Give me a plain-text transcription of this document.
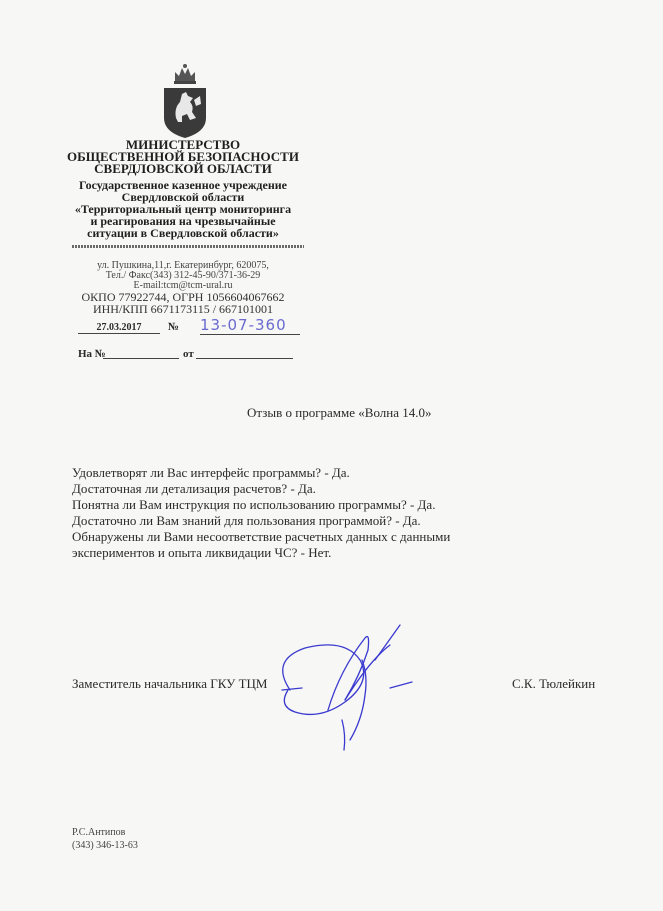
МИНИСТЕРСТВО
ОБЩЕСТВЕННОЙ БЕЗОПАСНОСТИ
СВЕРДЛОВСКОЙ ОБЛАСТИ
Государственное казенное учреждение
Свердловской области
«Территориальный центр мониторинга
и реагирования на чрезвычайные
ситуации в Свердловской области»
ул. Пушкина,11,г. Екатеринбург, 620075,
Тел./ Факс(343) 312-45-90/371-36-29
E-mail:tcm@tcm-ural.ru
ОКПО 77922744, ОГРН 1056604067662
ИНН/КПП 6671173115 / 667101001
27.03.2017	№ 13-07-360
На №	от
Отзыв о программе «Волна 14.0»
Удовлетворят ли Вас интерфейс программы? - Да.
Достаточная ли детализация расчетов? - Да.
Понятна ли Вам инструкция по использованию программы? - Да.
Достаточно ли Вам знаний для пользования программой? - Да.
Обнаружены ли Вами несоответствие расчетных данных с данными
экспериментов и опыта ликвидации ЧС? - Нет.
Заместитель начальника ГКУ ТЦМ	С.К. Тюлейкин
Р.С.Антипов
(343) 346-13-63
